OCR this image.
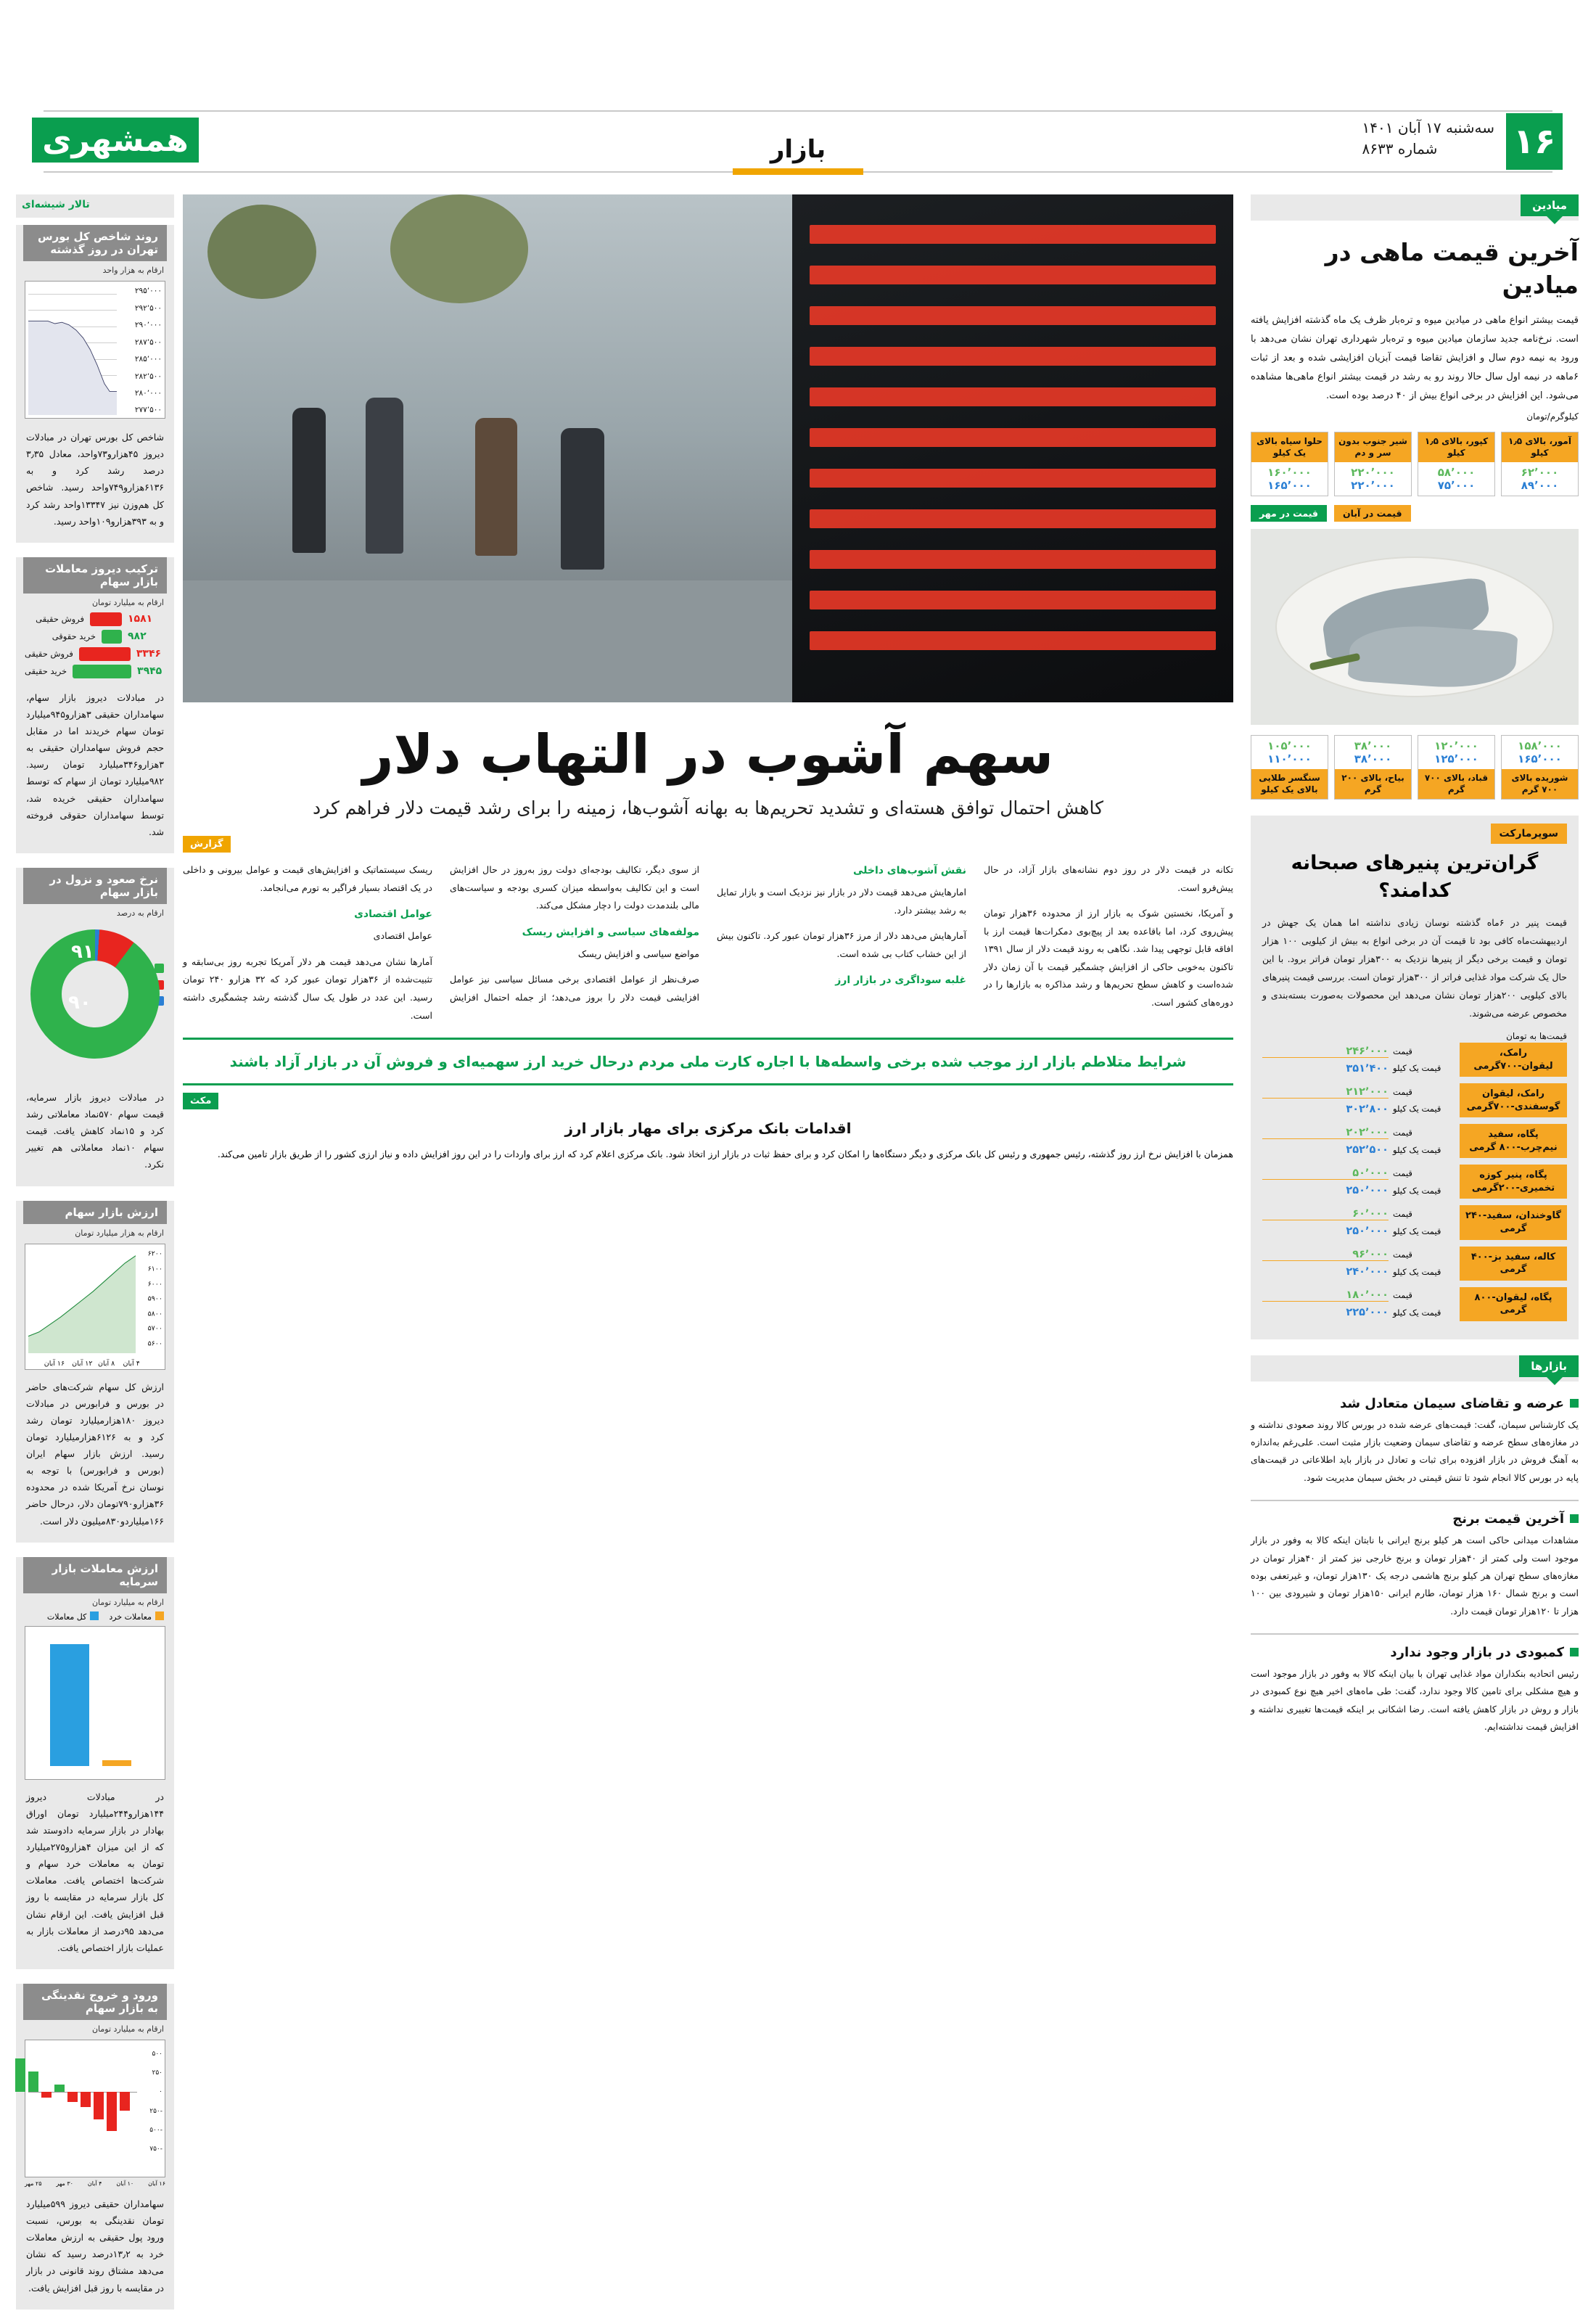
همشهری	بازار	۱۶
سه‌شنبه ۱۷ آبان ۱۴۰۱
شماره ۸۶۳۳
تالار شیشه‌ای
روند شاخص کل بورس تهران در روز گذشته
ارقام به هزار واحد
۲۹۵٬۰۰۰
۲۹۲٬۵۰۰
۲۹۰٬۰۰۰
۲۸۷٬۵۰۰
۲۸۵٬۰۰۰
۲۸۲٬۵۰۰
۲۸۰٬۰۰۰
۲۷۷٬۵۰۰
شاخص کل بورس تهران در مبادلات دیروز ۴۵هزارو۷۳واحد، معادل ۳٫۳۵ درصد رشد کرد و به ۶۱۳۶هزارو۷۴۹واحد رسید. شاخص کل هم‌وزن نیز ۱۳۳۴۷واحد رشد کرد و به ۳۹۳هزارو۱۰۹واحد رسید.
ترکیب دیروز معاملات بازار سهام
ارقام به میلیارد تومان
۱۵۸۱
فروش حقیقی
۹۸۲
خرید حقوقی
۳۳۴۶
فروش حقیقی
۳۹۴۵
خرید حقیقی
در مبادلات دیروز بازار سهام، سهامداران حقیقی ۳هزارو۹۴۵میلیارد تومان سهام خریدند اما در مقابل حجم فروش سهامداران حقیقی به ۳هزارو۳۴۶میلیارد تومان رسید. ۹۸۲میلیارد تومان از سهام که توسط سهامداران حقیقی خریده شد، توسط سهامداران حقوقی فروخته شد.
نرخ صعود و نزول در بازار سهام
ارقام به درصد
۹۱
۹۰
در مبادلات دیروز بازار سرمایه، قیمت سهام ۵۷۰نماد معاملاتی رشد کرد و ۱۵نماد کاهش یافت. قیمت سهام ۱۰نماد معاملاتی هم تغییر نکرد.
ارزش بازار سهام
ارقام به هزار میلیارد تومان
۶۲۰۰
۶۱۰۰
۶۰۰۰
۵۹۰۰
۵۸۰۰
۵۷۰۰
۵۶۰۰
۱۶ آبان ۱۲ آبان ۸ آبان ۴ آبان
ارزش کل سهام شرکت‌های حاضر در بورس و فرابورس در مبادلات دیروز ۱۸۰هزارمیلیارد تومان رشد کرد و به ۶۱۲۶هزارمیلیارد تومان رسید. ارزش بازار سهام ایران (بورس و فرابورس) با توجه به نوسان نرخ آمریکا شده در محدوده ۳۶هزارو۷۹۰تومان دلار، درحال حاضر ۱۶۶میلیاردو۸۳۰میلیون دلار است.
ارزش معاملات بازار سرمایه
ارقام به میلیارد تومان
معاملات خرد
کل معاملات
در مبادلات دیروز ۱۴۴هزارو۲۴۴میلیارد تومان اوراق بهادار در بازار سرمایه دادوستد شد که از این میزان ۴هزارو۲۷۵میلیارد تومان به معاملات خرد سهام و شرکت‌ها اختصاص یافت. معاملات کل بازار سرمایه در مقایسه با روز قبل افزایش یافت. این ارقام نشان می‌دهد ۹۵درصد از معاملات بازار به عملیات بازار اختصاص یافت.
ورود و خروج نقدینگی به بازار سهام
ارقام به میلیارد تومان
۵۰۰
۲۵۰
۰
-۲۵۰
-۵۰۰
-۷۵۰
۱۶ آبان
۱۰ آبان
۴ آبان
۳۰ مهر
۲۵ مهر
سهامداران حقیقی دیروز ۵۹۹میلیارد تومان نقدینگی به بورس، نسبت ورود پول حقیقی به ارزش معاملات خرد به ۱۳٫۲درصد رسید که نشان می‌دهد مشتاق روند قانونی در بازار در مقایسه با روز قبل افزایش یافت.
سهم آشوب در التهاب دلار
کاهش احتمال توافق هسته‌ای و تشدید تحریم‌ها به بهانه آشوب‌ها، زمینه را برای رشد قیمت دلار فراهم کرد
گزارش

تکانه در قیمت دلار در روز دوم نشانه‌های بازار آزاد، در حال پیش‌فرو است.

و آمریکا، نخستین شوک به بازار ارز از محدوده ۳۶هزار تومان پیش‌روی کرد، اما باقاعده بعد از پیچ‌بوی دمکرات‌ها قیمت ارز با افاقه قابل توجهی پیدا شد. نگاهی به روند قیمت دلار از سال ۱۳۹۱ تاکنون به‌خوبی حاکی از افزایش چشمگیر قیمت با آن زمان دلار شده‌است و کاهش سطح تحریم‌ها و رشد مذاکره به بازارها را در دوره‌های کشور است.

نقش آشوب‌های داخلی

امارهایش می‌دهد قیمت دلار در بازار نیز نزدیک است و بازار تمایل به رشد بیشتر دارد.

آمارهایش می‌دهد دلار از مرز ۳۶هزار تومان عبور کرد. تاکنون بیش از این خشاب کتاب بی شده است.

غلبه سوداگری در بازار ارز

از سوی دیگر، تکالیف بودجه‌ای دولت روز به‌روز در حال افزایش است و این تکالیف به‌واسطه میزان کسری بودجه و سیاست‌های مالی بلندمدت دولت را دچار مشکل می‌کند.

مولفه‌های سیاسی و افزایش ریسک

مواضع سیاسی و افزایش ریسک

صرف‌نظر از عوامل اقتصادی برخی مسائل سیاسی نیز عوامل افزایشی قیمت دلار را بروز می‌دهد؛ از جمله احتمال افزایش ریسک سیستماتیک و افزایش‌های قیمت و عوامل بیرونی و داخلی در یک اقتصاد بسیار فراگیر به تورم می‌انجامد.

عوامل اقتصادی

عوامل اقتصادی

آمارها نشان می‌دهد قیمت هر دلار آمریکا تجربه روز بی‌سابقه و تثبیت‌شده از ۳۶هزار تومان عبور کرد که ۳۲ هزارو ۲۴۰ تومان رسید. این عدد در طول یک سال گذشته رشد چشمگیری داشته است.

شرایط متلاطم بازار ارز موجب شده برخی واسطه‌ها با اجاره کارت ملی مردم درحال خرید ارز سهمیه‌ای و فروش آن در بازار آزاد باشند
مکث
اقدامات بانک مرکزی برای مهار بازار ارز
همزمان با افزایش نرخ ارز روز گذشته، رئیس جمهوری و رئیس کل بانک مرکزی و دیگر دستگاه‌ها را امکان کرد و برای حفظ ثبات در بازار ارز اتخاذ شود. بانک مرکزی اعلام کرد که ارز برای واردات را در این روز افزایش داده و نیاز ارزی کشور را از طریق بازار تامین می‌کند.
میادین
آخرین قیمت ماهی در میادین
قیمت بیشتر انواع ماهی در میادین میوه و تره‌بار ظرف یک ماه گذشته افزایش یافته است. نرخ‌نامه جدید سازمان میادین میوه و تره‌بار شهرداری تهران نشان می‌دهد با ورود به نیمه دوم سال و افزایش تقاضا قیمت آبزیان افزایشی شده و بعد از ثبات ۶ماهه در نیمه اول سال حالا روند رو به رشد در قیمت بیشتر انواع ماهی‌ها مشاهده می‌شود. این افزایش در برخی انواع بیش از ۴۰ درصد بوده است.
کیلوگرم/تومان
آمور، بالای ۱٫۵ کیلو
۶۲٬۰۰۰
۸۹٬۰۰۰
کپور، بالای ۱٫۵ کیلو
۵۸٬۰۰۰
۷۵٬۰۰۰
شیر جنوب بدون سر و دم
۲۲۰٬۰۰۰
۲۲۰٬۰۰۰
حلوا سیاه بالای یک کیلو
۱۶۰٬۰۰۰
۱۶۵٬۰۰۰
قیمت در آبان
قیمت در مهر
۱۵۸٬۰۰۰
۱۶۵٬۰۰۰
شوریده بالای ۷۰۰ گرم
۱۲۰٬۰۰۰
۱۲۵٬۰۰۰
قباد، بالای ۷۰۰ گرم
۳۸٬۰۰۰
۳۸٬۰۰۰
بیاح، بالای ۲۰۰ گرم
۱۰۵٬۰۰۰
۱۱۰٬۰۰۰
سنگسر طلایی بالای یک کیلو
سوپرمارکت
گران‌ترین پنیرهای صبحانه کدامند؟
قیمت پنیر در ۶ماه گذشته نوسان زیادی نداشته اما همان یک جهش در اردیبهشت‌ماه کافی بود تا قیمت آن در برخی انواع به بیش از کیلویی ۱۰۰ هزار تومان و قیمت برخی دیگر از پنیرها نزدیک به ۳۰۰هزار تومان فراتر برود. با این حال یک شرکت مواد غذایی فراتر از ۳۰۰هزار تومان است. بررسی قیمت پنیرهای بالای کیلویی ۲۰۰هزار تومان نشان می‌دهد این محصولات به‌صورت بسته‌بندی و مخصوص عرضه می‌شوند.
قیمت‌ها به تومان
رامک، لیقوان-۷۰۰گرمی
قیمت
قیمت یک کیلو
۲۴۶٬۰۰۰
۳۵۱٬۴۰۰
رامک، لیقوان گوسفندی-۷۰۰گرمی
قیمت
قیمت یک کیلو
۲۱۲٬۰۰۰
۳۰۲٬۸۰۰
پگاه، سفید نیم‌چرب-۸۰۰ گرمی
قیمت
قیمت یک کیلو
۲۰۲٬۰۰۰
۲۵۲٬۵۰۰
پگاه، پنیر کوزه تخمیری-۲۰۰گرمی
قیمت
قیمت یک کیلو
۵۰٬۰۰۰
۲۵۰٬۰۰۰
گاوخندان، سفید-۲۴۰ گرمی
قیمت
قیمت یک کیلو
۶۰٬۰۰۰
۲۵۰٬۰۰۰
کاله، سفید بز-۴۰۰ گرمی
قیمت
قیمت یک کیلو
۹۶٬۰۰۰
۲۴۰٬۰۰۰
پگاه، لیقوان-۸۰۰ گرمی
قیمت
قیمت یک کیلو
۱۸۰٬۰۰۰
۲۲۵٬۰۰۰
بازارها
عرضه و تقاضای سیمان متعادل شد
یک کارشناس سیمان، گفت: قیمت‌های عرضه شده در بورس کالا روند صعودی نداشته و در مغازه‌های سطح عرضه و تقاضای سیمان وضعیت بازار مثبت است. علی‌رغم به‌اندازه به آهنگ فروش در بازار افزوده برای ثبات و تعادل در بازار باید اطلاعاتی در قیمت‌های پایه در بورس کالا انجام شود تا تنش قیمتی در بخش سیمان مدیریت شود.
آخرین قیمت برنج
مشاهدات میدانی حاکی است هر کیلو برنج ایرانی با نابتان اینکه کالا به وفور در بازار موجود است ولی کمتر از ۴۰هزار تومان و برنج خارجی نیز کمتر از ۴۰هزار تومان در مغازه‌های سطح تهران هر کیلو برنج هاشمی درجه یک ۱۳۰هزار تومان، و غیرتعفی بوده است و برنج شمال ۱۶۰ هزار تومان، طارم ایرانی ۱۵۰هزار تومان و شیرودی بین ۱۰۰ هزار تا ۱۲۰هزار تومان قیمت دارد.
کمبودی در بازار وجود ندارد
رئیس اتحادیه بنکداران مواد غذایی تهران با بیان اینکه کالا به وفور در بازار موجود است و هیچ مشکلی برای تامین کالا وجود ندارد، گفت: طی ماه‌های اخیر هیچ نوع کمبودی در بازار و روش در بازار کاهش یافته است. رضا اشکانی بر اینکه قیمت‌ها تغییری نداشته و افزایش قیمت نداشته‌ایم.
